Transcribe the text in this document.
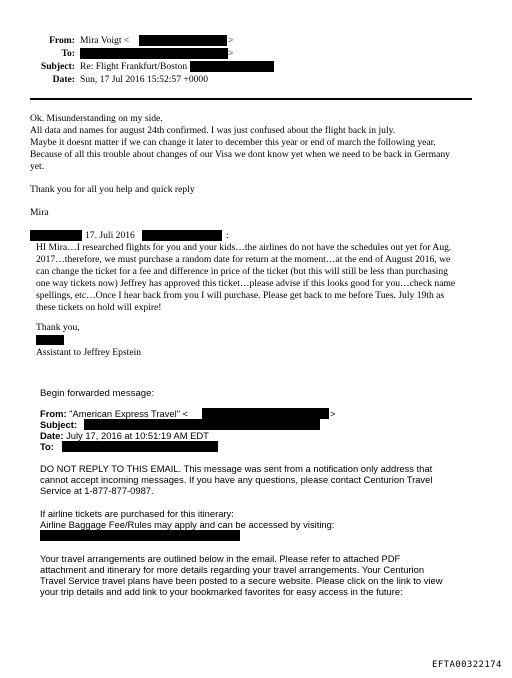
From: Mira Voigt <	>
To:	>
Subject: Re: Flight Frankfurt/Boston
Date: Sun, 17 Jul 2016 15:52:57 +0000
Ok. Misunderstanding on my side.
All data and names for august 24th confirmed. I was just confused about the flight back in july.
Maybe it doesnt matter if we can change it later to december this year or end of march the following year.
Because of all this trouble about changes of our Visa we dont know yet when we need to be back in Germany
yet.
Thank you for all you help and quick reply
Mira
17. Juli 2016	:
HI Mira…I researched flights for you and your kids…the airlines do not have the schedules out yet for Aug.
2017…therefore, we must purchase a random date for return at the moment…at the end of August 2016, we
can change the ticket for a fee and difference in price of the ticket (but this will still be less than purchasing
one way tickets now) Jeffrey has approved this ticket…please advise if this looks good for you…check name
spellings, etc…Once I hear back from you I will purchase. Please get back to me before Tues. July 19th as
these tickets on hold will expire!
Thank you,
Assistant to Jeffrey Epstein
Begin forwarded message:
From: "American Express Travel" <	>
Subject:
Date: July 17, 2016 at 10:51:19 AM EDT
To:
DO NOT REPLY TO THIS EMAIL. This message was sent from a notification only address that
cannot accept incoming messages. If you have any questions, please contact Centurion Travel
Service at 1-877-877-0987.
If airline tickets are purchased for this itinerary:
Airline Baggage Fee/Rules may apply and can be accessed by visiting:
Your travel arrangements are outlined below in the email. Please refer to attached PDF
attachment and itinerary for more details regarding your travel arrangements. Your Centurion
Travel Service travel plans have been posted to a secure website. Please click on the link to view
your trip details and add link to your bookmarked favorites for easy access in the future:
EFTA00322174
